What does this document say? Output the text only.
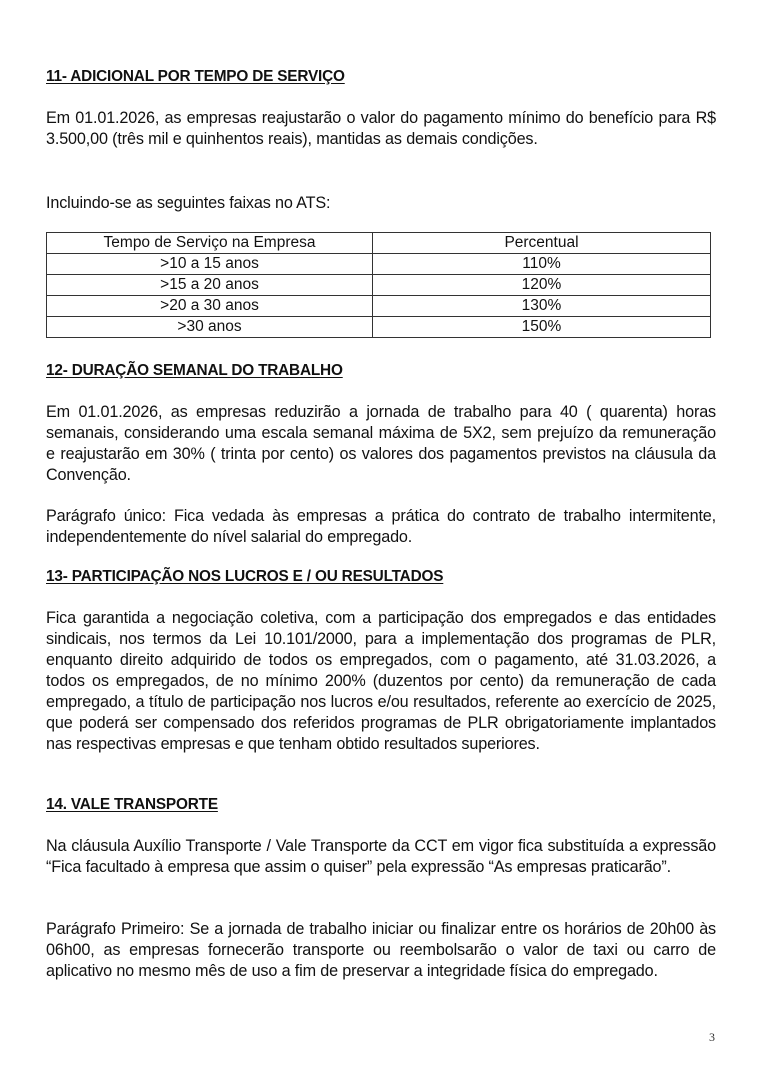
11- ADICIONAL POR TEMPO DE SERVIÇO
Em 01.01.2026, as empresas reajustarão o valor do pagamento mínimo do benefício para R$ 3.500,00 (três mil e quinhentos reais), mantidas as demais condições.
Incluindo-se as seguintes faixas no ATS:
Tempo de Serviço na Empresa	Percentual
>10 a 15 anos	110%
>15 a 20 anos	120%
>20 a 30 anos	130%
>30 anos	150%
12- DURAÇÃO SEMANAL DO TRABALHO
Em 01.01.2026, as empresas reduzirão a jornada de trabalho para 40 ( quarenta) horas semanais, considerando uma escala semanal máxima de 5X2, sem prejuízo da remuneração e reajustarão em 30% ( trinta por cento) os valores dos pagamentos previstos na cláusula da Convenção.
Parágrafo único: Fica vedada às empresas a prática do contrato de trabalho intermitente, independentemente do nível salarial do empregado.
13- PARTICIPAÇÃO NOS LUCROS E / OU RESULTADOS
Fica garantida a negociação coletiva, com a participação dos empregados e das entidades sindicais, nos termos da Lei 10.101/2000, para a implementação dos programas de PLR, enquanto direito adquirido de todos os empregados, com o pagamento, até 31.03.2026, a todos os empregados, de no mínimo 200% (duzentos por cento) da remuneração de cada empregado, a título de participação nos lucros e/ou resultados, referente ao exercício de 2025, que poderá ser compensado dos referidos programas de PLR obrigatoriamente implantados nas respectivas empresas e que tenham obtido resultados superiores.
14. VALE TRANSPORTE
Na cláusula Auxílio Transporte / Vale Transporte da CCT em vigor fica substituída a expressão “Fica facultado à empresa que assim o quiser” pela expressão “As empresas praticarão”.
Parágrafo Primeiro: Se a jornada de trabalho iniciar ou finalizar entre os horários de 20h00 às 06h00, as empresas fornecerão transporte ou reembolsarão o valor de taxi ou carro de aplicativo no mesmo mês de uso a fim de preservar a integridade física do empregado.
3
